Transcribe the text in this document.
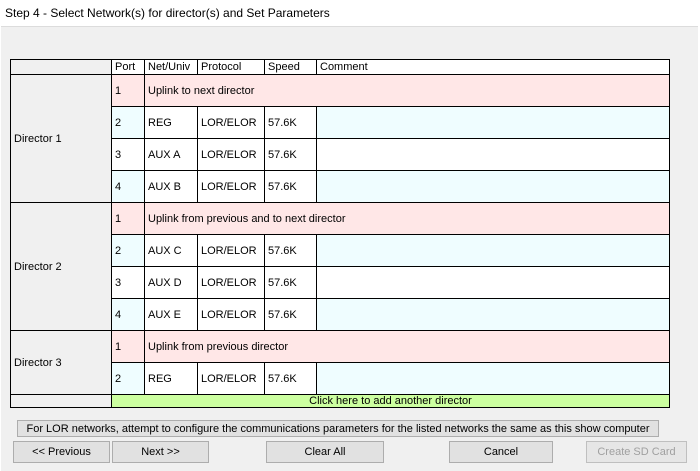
Step 4 - Select Network(s) for director(s) and Set Parameters
	Port	Net/Univ	Protocol	Speed	Comment
Director 1	1	Uplink to next director			
	2	REG	LOR/ELOR	57.6K	
	3	AUX A	LOR/ELOR	57.6K	
	4	AUX B	LOR/ELOR	57.6K	
Director 2	1	Uplink from previous and to next director			
	2	AUX C	LOR/ELOR	57.6K	
	3	AUX D	LOR/ELOR	57.6K	
	4	AUX E	LOR/ELOR	57.6K	
Director 3	1	Uplink from previous director			
	2	REG	LOR/ELOR	57.6K	
	Click here to add another director				
For LOR networks, attempt to configure the communications parameters for the listed networks the same as this show computer
<< Previous	Next >>	Clear All	Cancel	Create SD Card
